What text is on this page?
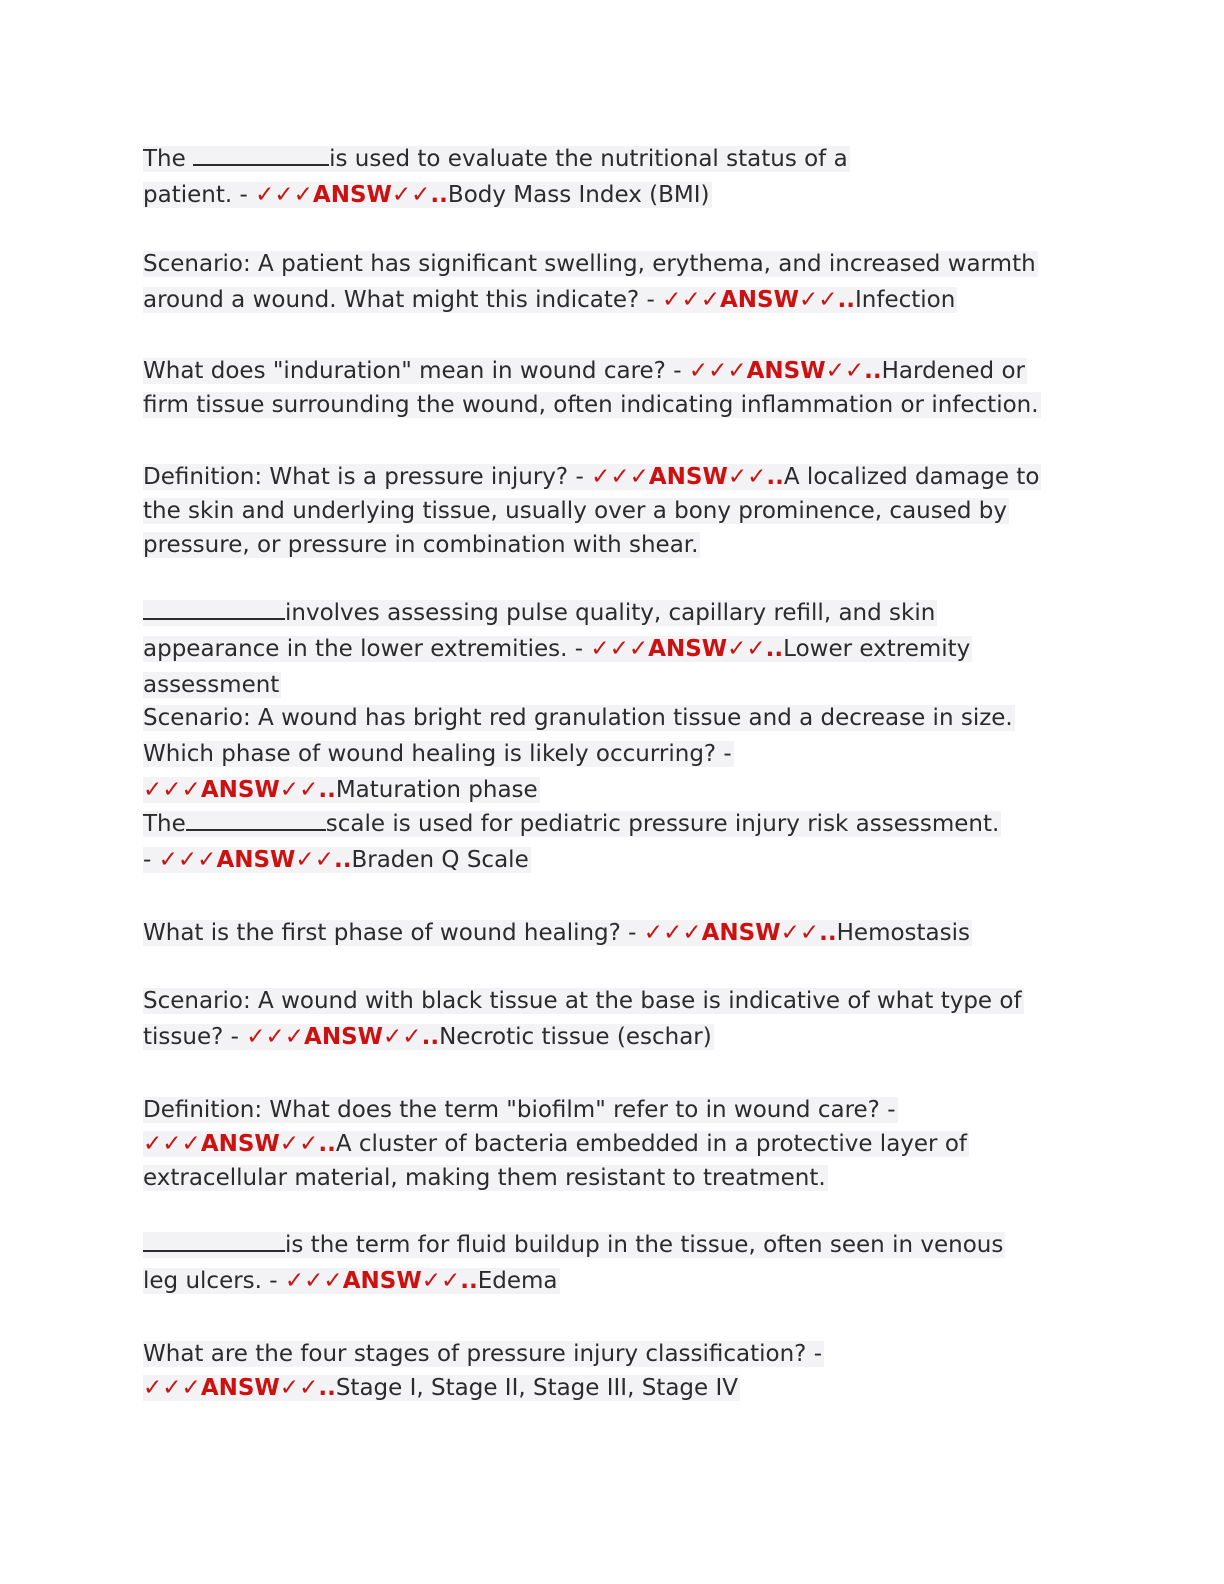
The	is used to evaluate the nutritional status of a patient. - ✓✓✓ANSW✓✓..Body Mass Index (BMI)

Scenario: A patient has significant swelling, erythema, and increased warmth around a wound. What might this indicate? - ✓✓✓ANSW✓✓..Infection

What does "induration" mean in wound care? - ✓✓✓ANSW✓✓..Hardened or firm tissue surrounding the wound, often indicating inflammation or infection.

Definition: What is a pressure injury? - ✓✓✓ANSW✓✓..A localized damage to the skin and underlying tissue, usually over a bony prominence, caused by pressure, or pressure in combination with shear.

involves assessing pulse quality, capillary refill, and skin appearance in the lower extremities. - ✓✓✓ANSW✓✓..Lower extremity assessment

Scenario: A wound has bright red granulation tissue and a decrease in size. Which phase of wound healing is likely occurring? - ✓✓✓ANSW✓✓..Maturation phase

The	scale is used for pediatric pressure injury risk assessment. - ✓✓✓ANSW✓✓..Braden Q Scale

What is the first phase of wound healing? - ✓✓✓ANSW✓✓..Hemostasis

Scenario: A wound with black tissue at the base is indicative of what type of tissue? - ✓✓✓ANSW✓✓..Necrotic tissue (eschar)

Definition: What does the term "biofilm" refer to in wound care? - ✓✓✓ANSW✓✓..A cluster of bacteria embedded in a protective layer of extracellular material, making them resistant to treatment.

is the term for fluid buildup in the tissue, often seen in venous leg ulcers. - ✓✓✓ANSW✓✓..Edema

What are the four stages of pressure injury classification? - ✓✓✓ANSW✓✓..Stage I, Stage II, Stage III, Stage IV
